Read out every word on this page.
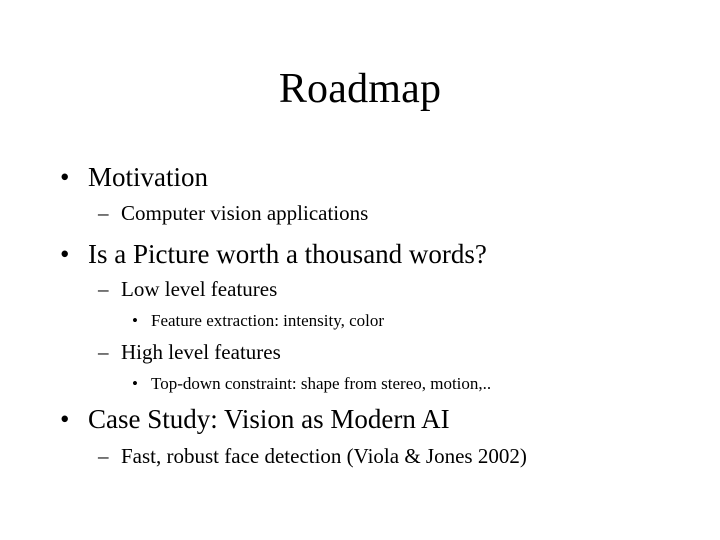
Roadmap
• Motivation
– Computer vision applications
• Is a Picture worth a thousand words?
– Low level features
• Feature extraction: intensity, color
– High level features
• Top-down constraint: shape from stereo, motion,..
• Case Study: Vision as Modern AI
– Fast, robust face detection (Viola & Jones 2002)
